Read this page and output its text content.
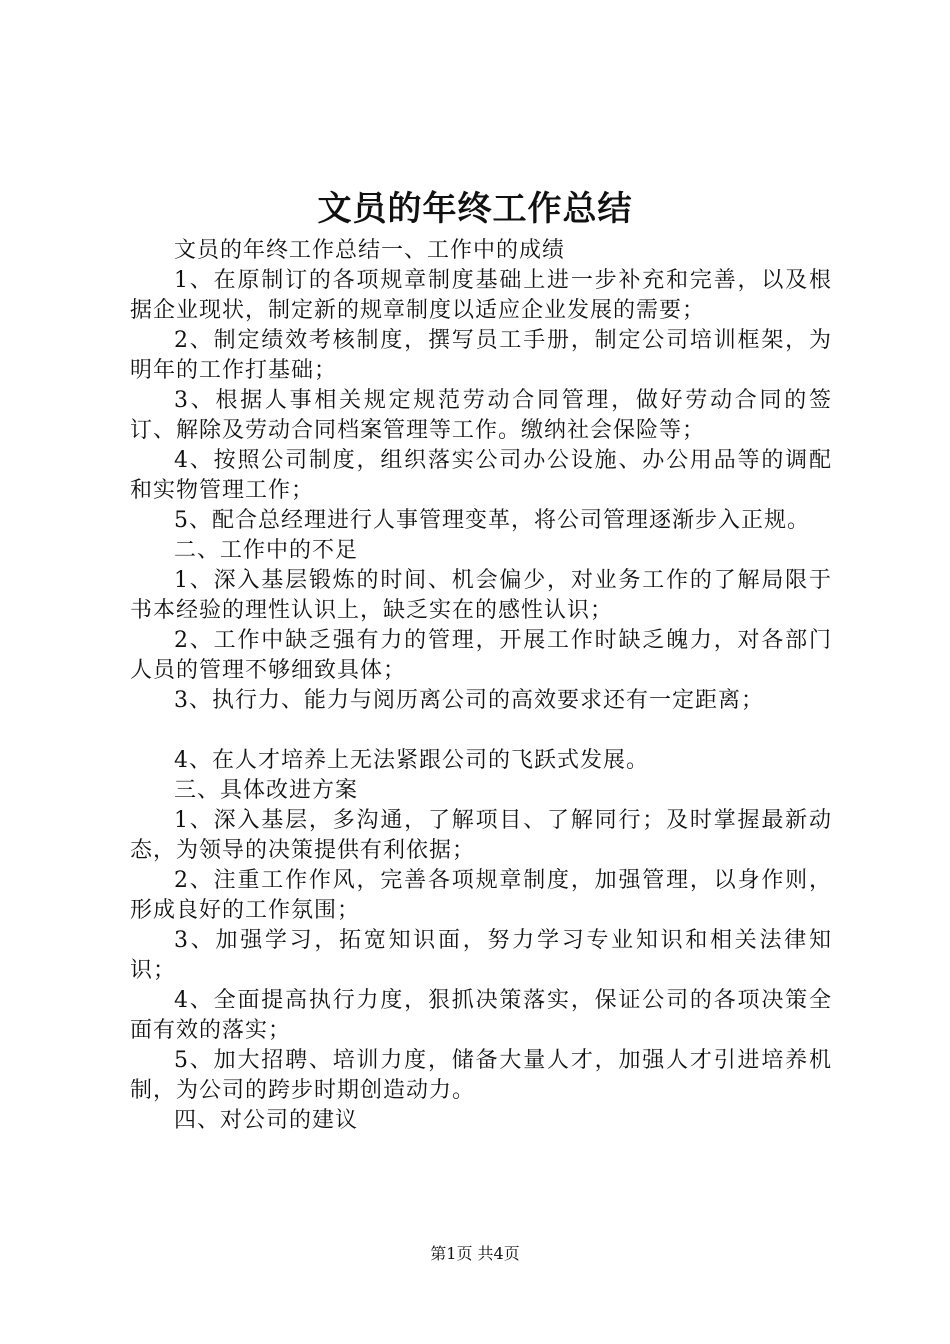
文员的年终工作总结

文员的年终工作总结一、工作中的成绩

1、在原制订的各项规章制度基础上进一步补充和完善，以及根据企业现状，制定新的规章制度以适应企业发展的需要；

2、制定绩效考核制度，撰写员工手册，制定公司培训框架，为明年的工作打基础；

3、根据人事相关规定规范劳动合同管理，做好劳动合同的签订、解除及劳动合同档案管理等工作。缴纳社会保险等；

4、按照公司制度，组织落实公司办公设施、办公用品等的调配和实物管理工作；

5、配合总经理进行人事管理变革，将公司管理逐渐步入正规。

二、工作中的不足

1、深入基层锻炼的时间、机会偏少，对业务工作的了解局限于书本经验的理性认识上，缺乏实在的感性认识；

2、工作中缺乏强有力的管理，开展工作时缺乏魄力，对各部门人员的管理不够细致具体；

3、执行力、能力与阅历离公司的高效要求还有一定距离；

4、在人才培养上无法紧跟公司的飞跃式发展。

三、具体改进方案

1、深入基层，多沟通，了解项目、了解同行；及时掌握最新动态，为领导的决策提供有利依据；

2、注重工作作风，完善各项规章制度，加强管理，以身作则，形成良好的工作氛围；

3、加强学习，拓宽知识面，努力学习专业知识和相关法律知识；

4、全面提高执行力度，狠抓决策落实，保证公司的各项决策全面有效的落实；

5、加大招聘、培训力度，储备大量人才，加强人才引进培养机制，为公司的跨步时期创造动力。

四、对公司的建议

第1页 共4页
